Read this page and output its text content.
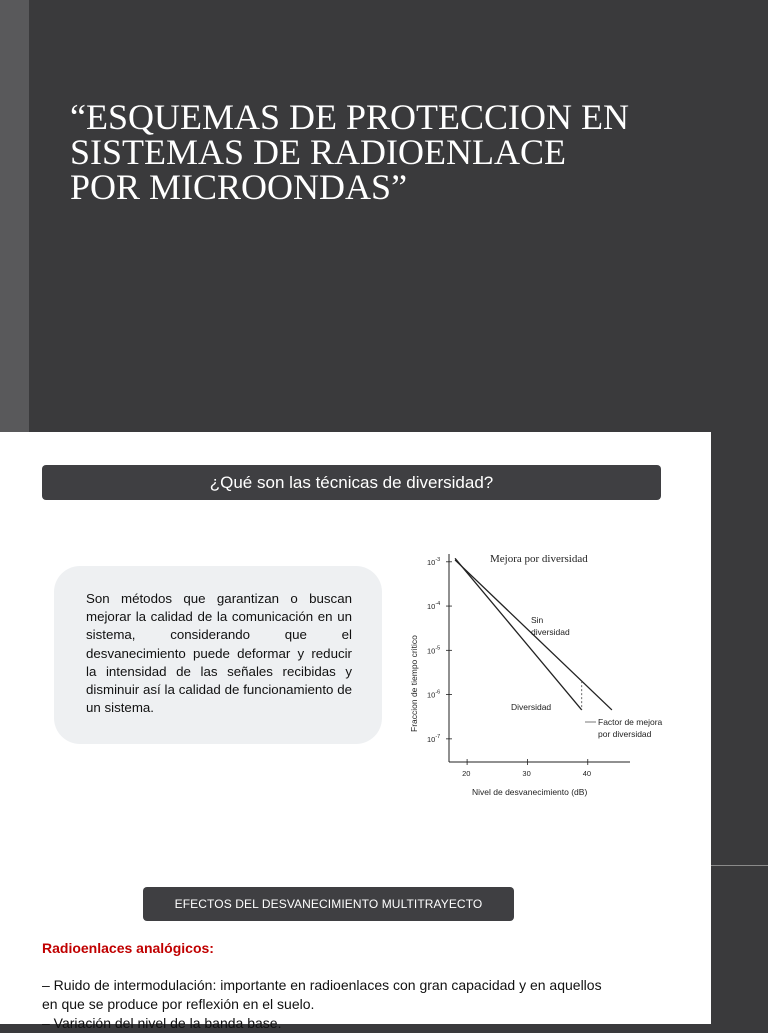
“ESQUEMAS DE PROTECCION EN
SISTEMAS DE RADIOENLACE
POR MICROONDAS”
¿Qué son las técnicas de diversidad?

Son métodos que garantizan o buscan mejorar la calidad de la comunicación en un sistema, considerando que el desvanecimiento puede deformar y reducir la intensidad de las señales recibidas y disminuir así la calidad de funcionamiento de un sistema.

Mejora por diversidad
$10^{-3}$
$10^{-4}$
$10^{-5}$
$10^{-6}$
$10^{-7}$
20	30	40
Sin
diversidad
Diversidad
Factor de mejora
por diversidad
Nivel de desvanecimiento (dB)
Fraccion de tiempo critico
EFECTOS DEL DESVANECIMIENTO MULTITRAYECTO

Radioenlaces analógicos:

– Ruido de intermodulación: importante en radioenlaces con gran capacidad y en aquellos en que se produce por reflexión en el suelo.
– Variación del nivel de la banda base.
